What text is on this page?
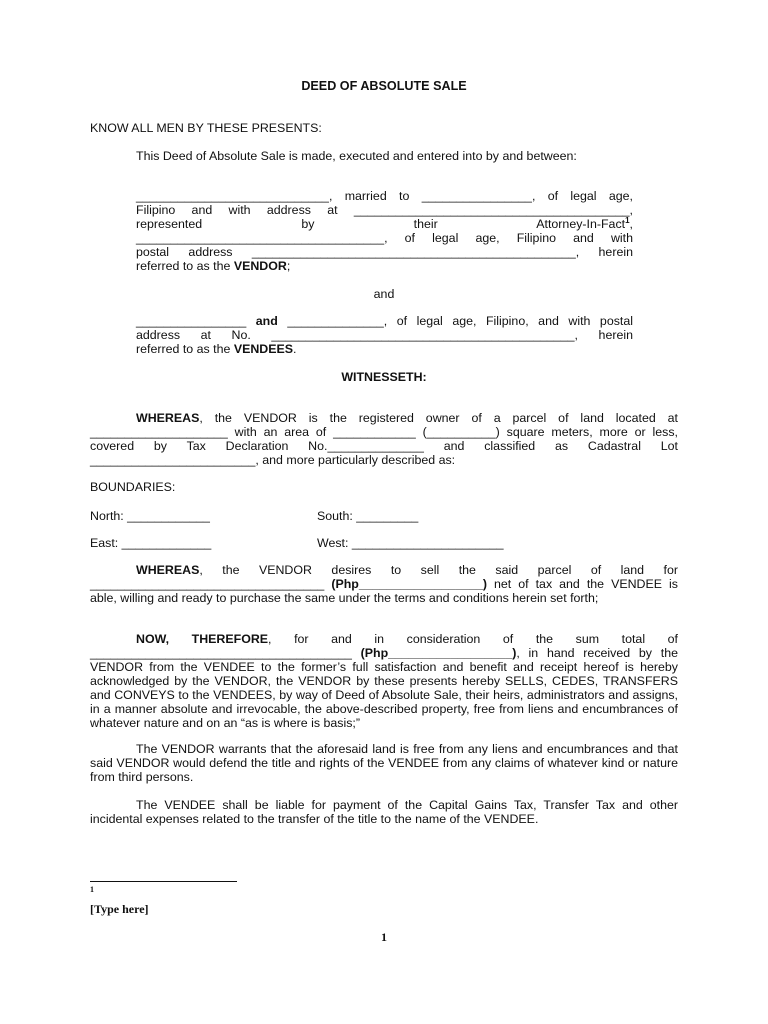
DEED OF ABSOLUTE SALE
KNOW ALL MEN BY THESE PRESENTS:
This Deed of Absolute Sale is made, executed and entered into by and between:
____________________________, married to ________________, of legal age,
Filipino and with address at ________________________________________,
represented by their Attorney-In-Fact$^1$,
____________________________________, of legal age, Filipino and with
postal address _______________________________________________, herein
referred to as the VENDOR;
and
________________ and ______________, of legal age, Filipino, and with postal
address at No. ____________________________________________, herein
referred to as the VENDEES.
WITNESSETH:

WHEREAS, the VENDOR is the registered owner of a parcel of land located at ____________________ with an area of ____________ (__________) square meters, more or less, covered by Tax Declaration No.______________ and classified as Cadastral Lot ________________________, and more particularly described as:

BOUNDARIES:
North: ____________	South: _________
East: _____________	West: ______________________

WHEREAS, the VENDOR desires to sell the said parcel of land for __________________________________ (Php__________________) net of tax and the VENDEE is able, willing and ready to purchase the same under the terms and conditions herein set forth;

NOW, THEREFORE, for and in consideration of the sum total of ______________________________________ (Php__________________), in hand received by the VENDOR from the VENDEE to the former’s full satisfaction and benefit and receipt hereof is hereby acknowledged by the VENDOR, the VENDOR by these presents hereby SELLS, CEDES, TRANSFERS and CONVEYS to the VENDEES, by way of Deed of Absolute Sale, their heirs, administrators and assigns, in a manner absolute and irrevocable, the above-described property, free from liens and encumbrances of whatever nature and on an “as is where is basis;”

The VENDOR warrants that the aforesaid land is free from any liens and encumbrances and that said VENDOR would defend the title and rights of the VENDEE from any claims of whatever kind or nature from third persons.

The VENDEE shall be liable for payment of the Capital Gains Tax, Transfer Tax and other incidental expenses related to the transfer of the title to the name of the VENDEE.

1
[Type here]
1
